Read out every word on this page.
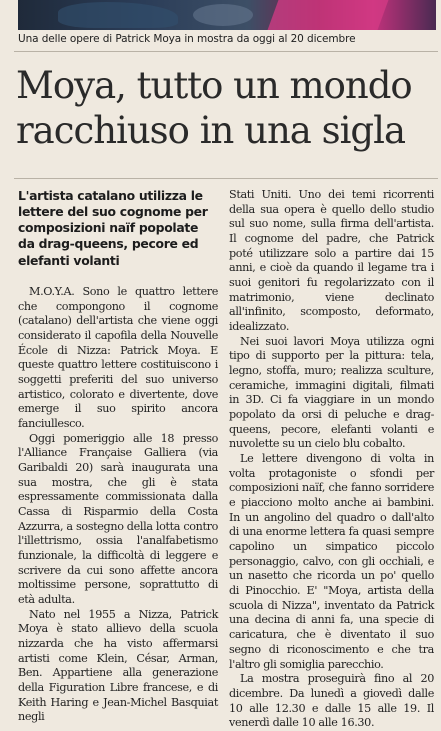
Una delle opere di Patrick Moya in mostra da oggi al 20 dicembre
Moya, tutto un mondo
racchiuso in una sigla
L'artista catalano utilizza le lettere del suo cognome per composizioni naïf popolate da drag-queens, pecore ed elefanti volanti

M.O.Y.A. Sono le quattro lettere che compongono il cognome (catalano) dell'artista che viene oggi considerato il capofila della Nouvelle École di Nizza: Patrick Moya. E queste quattro lettere costituiscono i soggetti preferiti del suo universo artistico, colorato e divertente, dove emerge il suo spirito ancora fanciullesco.

Oggi pomeriggio alle 18 presso l'Alliance Française Galliera (via Garibaldi 20) sarà inaugurata una sua mostra, che gli è stata espressamente commissionata dalla Cassa di Risparmio della Costa Azzurra, a sostegno della lotta contro l'illettrismo, ossia l'analfabetismo funzionale, la difficoltà di leggere e scrivere da cui sono affette ancora moltissime persone, soprattutto di età adulta.

Nato nel 1955 a Nizza, Patrick Moya è stato allievo della scuola nizzarda che ha visto affermarsi artisti come Klein, César, Arman, Ben. Appartiene alla generazione della Figuration Libre francese, e di Keith Haring e Jean-Michel Basquiat negli

Stati Uniti. Uno dei temi ricorrenti della sua opera è quello dello studio sul suo nome, sulla firma dell'artista. Il cognome del padre, che Patrick poté utilizzare solo a partire dai 15 anni, e cioè da quando il legame tra i suoi genitori fu regolarizzato con il matrimonio, viene declinato all'infinito, scomposto, deformato, idealizzato.

Nei suoi lavori Moya utilizza ogni tipo di supporto per la pittura: tela, legno, stoffa, muro; realizza sculture, ceramiche, immagini digitali, filmati in 3D. Ci fa viaggiare in un mondo popolato da orsi di peluche e drag-queens, pecore, elefanti volanti e nuvolette su un cielo blu cobalto.

Le lettere divengono di volta in volta protagoniste o sfondi per composizioni naïf, che fanno sorridere e piacciono molto anche ai bambini. In un angolino del quadro o dall'alto di una enorme lettera fa quasi sempre capolino un simpatico piccolo personaggio, calvo, con gli occhiali, e un nasetto che ricorda un po' quello di Pinocchio. E' "Moya, artista della scuola di Nizza", inventato da Patrick una decina di anni fa, una specie di caricatura, che è diventato il suo segno di riconoscimento e che tra l'altro gli somiglia parecchio.

La mostra proseguirà fino al 20 dicembre. Da lunedì a giovedì dalle 10 alle 12.30 e dalle 15 alle 19. Il venerdì dalle 10 alle 16.30.
